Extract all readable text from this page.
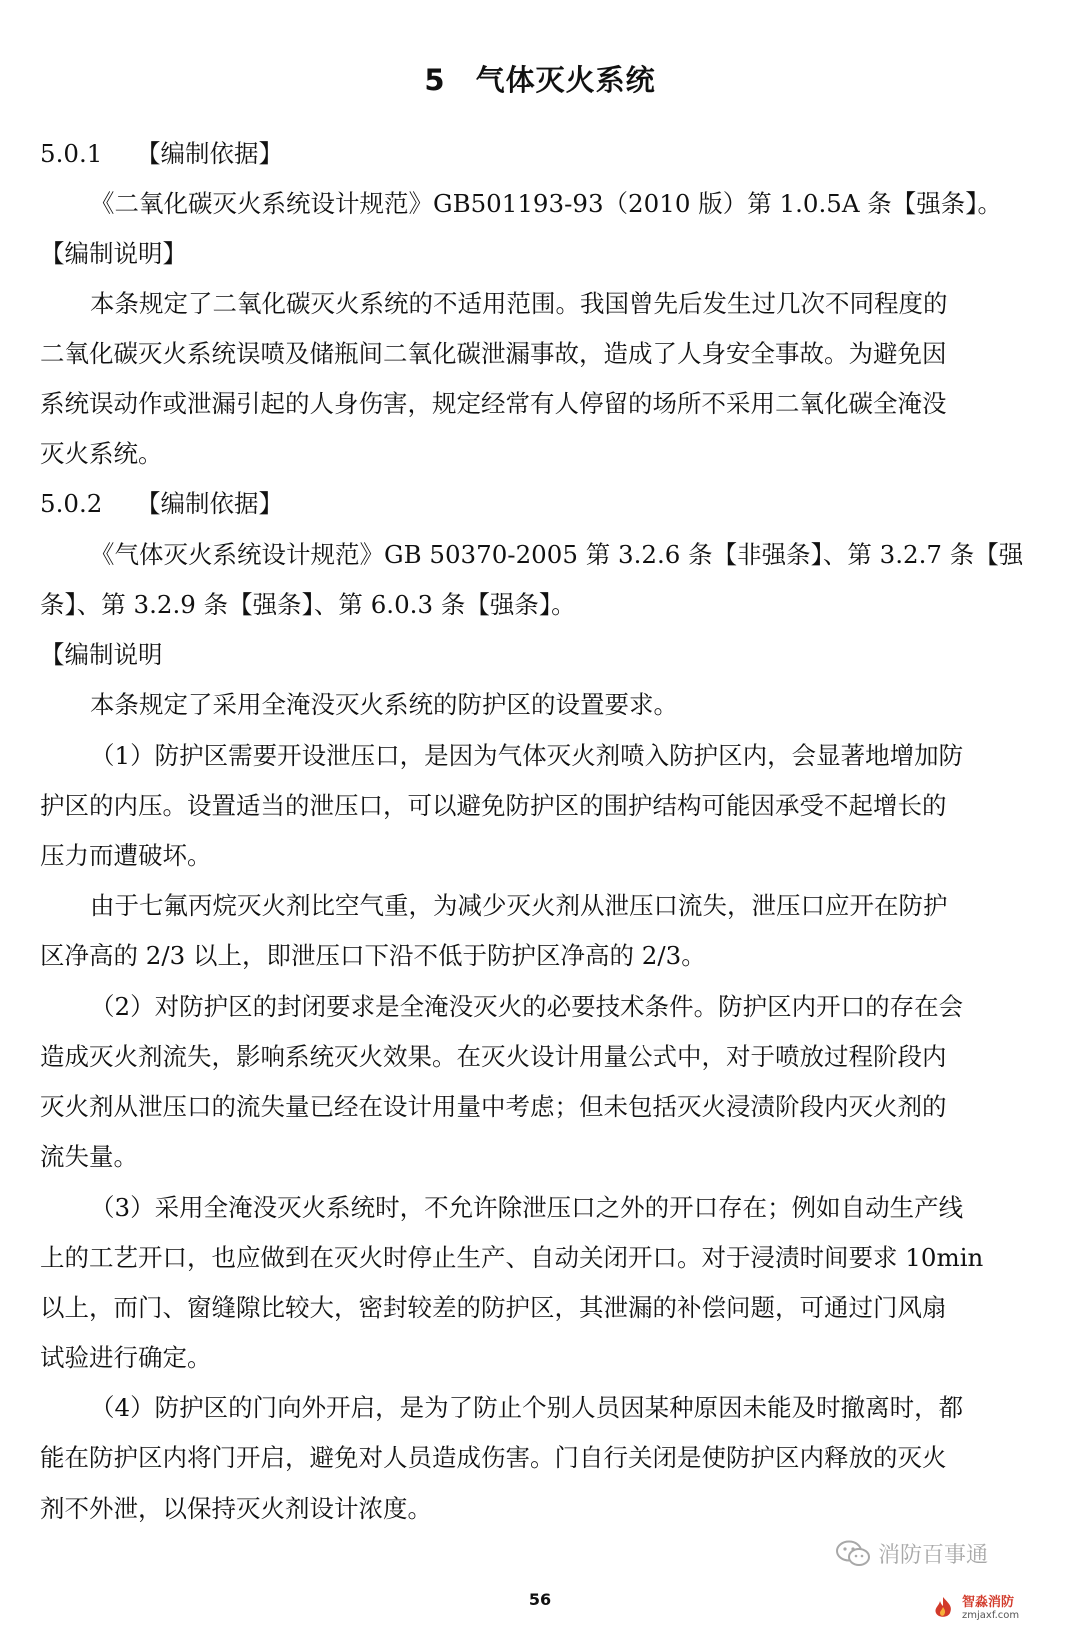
5　气体灭火系统
5.0.1 【编制依据】
《二氧化碳灭火系统设计规范》GB501193-93（2010 版）第 1.0.5A 条【强条】。
【编制说明】
本条规定了二氧化碳灭火系统的不适用范围。我国曾先后发生过几次不同程度的
二氧化碳灭火系统误喷及储瓶间二氧化碳泄漏事故，造成了人身安全事故。为避免因
系统误动作或泄漏引起的人身伤害，规定经常有人停留的场所不采用二氧化碳全淹没
灭火系统。
5.0.2 【编制依据】
《气体灭火系统设计规范》GB 50370-2005 第 3.2.6 条【非强条】、第 3.2.7 条【强
条】、第 3.2.9 条【强条】、第 6.0.3 条【强条】。
【编制说明
本条规定了采用全淹没灭火系统的防护区的设置要求。
（1）防护区需要开设泄压口，是因为气体灭火剂喷入防护区内，会显著地增加防
护区的内压。设置适当的泄压口，可以避免防护区的围护结构可能因承受不起增长的
压力而遭破坏。
由于七氟丙烷灭火剂比空气重，为减少灭火剂从泄压口流失，泄压口应开在防护
区净高的 2/3 以上，即泄压口下沿不低于防护区净高的 2/3。
（2）对防护区的封闭要求是全淹没灭火的必要技术条件。防护区内开口的存在会
造成灭火剂流失，影响系统灭火效果。在灭火设计用量公式中，对于喷放过程阶段内
灭火剂从泄压口的流失量已经在设计用量中考虑；但未包括灭火浸渍阶段内灭火剂的
流失量。
（3）采用全淹没灭火系统时，不允许除泄压口之外的开口存在；例如自动生产线
上的工艺开口，也应做到在灭火时停止生产、自动关闭开口。对于浸渍时间要求 10min
以上，而门、窗缝隙比较大，密封较差的防护区，其泄漏的补偿问题，可通过门风扇
试验进行确定。
（4）防护区的门向外开启，是为了防止个别人员因某种原因未能及时撤离时，都
能在防护区内将门开启，避免对人员造成伤害。门自行关闭是使防护区内释放的灭火
剂不外泄，以保持灭火剂设计浓度。
消防百事通
56	智淼消防
zmjaxf.com
